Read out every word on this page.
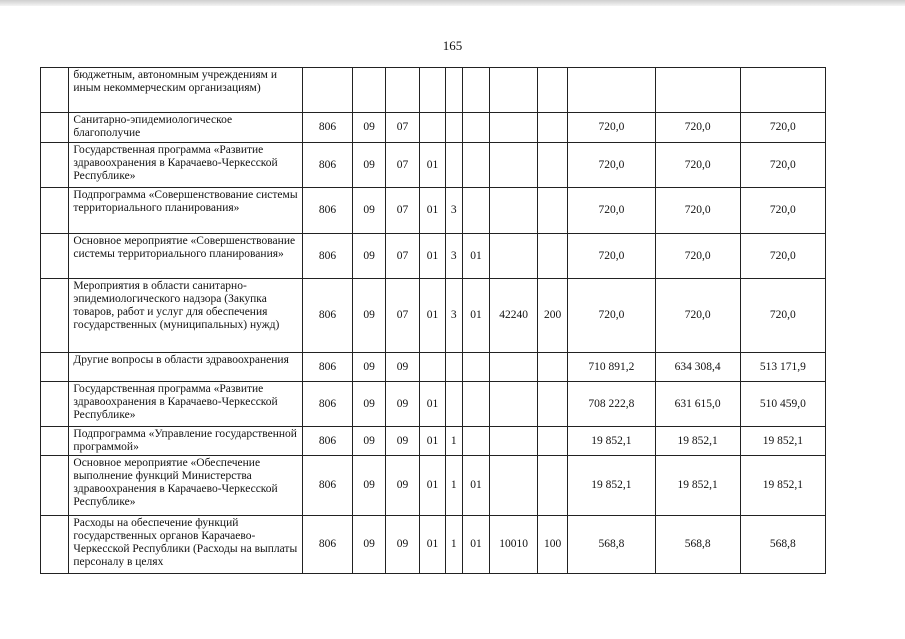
165
	бюджетным, автономным учреждениям и иным некоммерческим организациям)											
	Санитарно-эпидемиологическое благополучие	806	09	07						720,0	720,0	720,0
	Государственная программа «Развитие здравоохранения в Карачаево-Черкесской Республике»	806	09	07	01					720,0	720,0	720,0
	Подпрограмма «Совершенствование системы территориального планирования»	806	09	07	01	3				720,0	720,0	720,0
	Основное мероприятие «Совершенствование системы территориального планирования»	806	09	07	01	3	01			720,0	720,0	720,0
	Мероприятия в области санитарно-эпидемиологического надзора (Закупка товаров, работ и услуг для обеспечения государственных (муниципальных) нужд)	806	09	07	01	3	01	42240	200	720,0	720,0	720,0
	Другие вопросы в области здравоохранения	806	09	09						710 891,2	634 308,4	513 171,9
	Государственная программа «Развитие здравоохранения в Карачаево-Черкесской Республике»	806	09	09	01					708 222,8	631 615,0	510 459,0
	Подпрограмма «Управление государственной программой»	806	09	09	01	1				19 852,1	19 852,1	19 852,1
	Основное мероприятие «Обеспечение выполнение функций Министерства здравоохранения в Карачаево-Черкесской Республике»	806	09	09	01	1	01			19 852,1	19 852,1	19 852,1
	Расходы на обеспечение функций государственных органов Карачаево-Черкесской Республики (Расходы на выплаты персоналу в целях	806	09	09	01	1	01	10010	100	568,8	568,8	568,8
